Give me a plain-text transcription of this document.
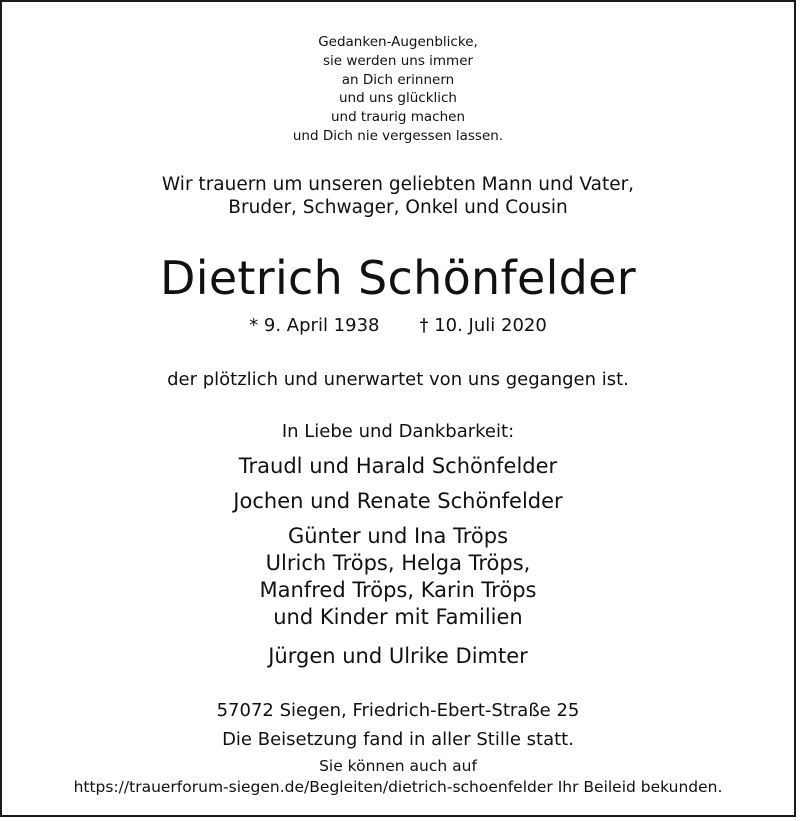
Gedanken-Augenblicke,
sie werden uns immer
an Dich erinnern
und uns glücklich
und traurig machen
und Dich nie vergessen lassen.
Wir trauern um unseren geliebten Mann und Vater,
Bruder, Schwager, Onkel und Cousin
Dietrich Schönfelder
* 9. April 1938 † 10. Juli 2020
der plötzlich und unerwartet von uns gegangen ist.
In Liebe und Dankbarkeit:
Traudl und Harald Schönfelder
Jochen und Renate Schönfelder
Günter und Ina Tröps
Ulrich Tröps, Helga Tröps,
Manfred Tröps, Karin Tröps
und Kinder mit Familien
Jürgen und Ulrike Dimter
57072 Siegen, Friedrich-Ebert-Straße 25
Die Beisetzung fand in aller Stille statt.
Sie können auch auf
https://trauerforum-siegen.de/Begleiten/dietrich-schoenfelder Ihr Beileid bekunden.
